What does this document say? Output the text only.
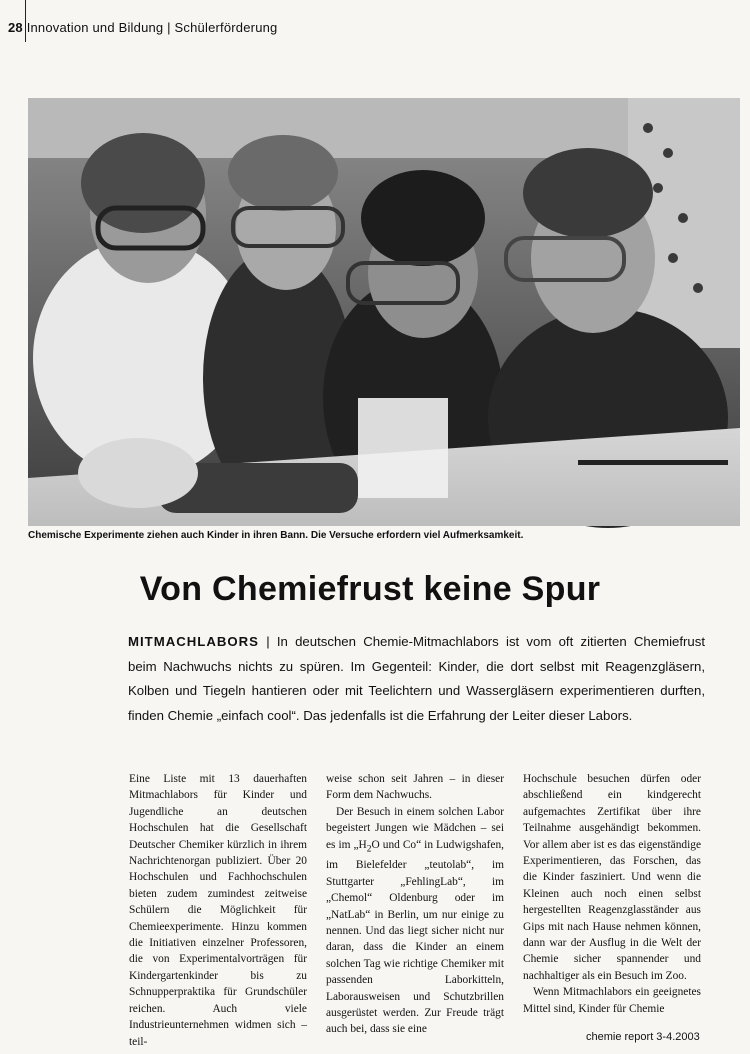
28 Innovation und Bildung | Schülerförderung
Chemische Experimente ziehen auch Kinder in ihren Bann. Die Versuche erfordern viel Aufmerksamkeit.
Von Chemiefrust keine Spur
MITMACHLABORS | In deutschen Chemie-Mitmachlabors ist vom oft zitierten Chemiefrust beim Nachwuchs nichts zu spüren. Im Gegenteil: Kinder, die dort selbst mit Reagenzgläsern, Kolben und Tiegeln hantieren oder mit Teelichtern und Wassergläsern experimentieren durften, finden Chemie „einfach cool“. Das jedenfalls ist die Erfahrung der Leiter dieser Labors.

Eine Liste mit 13 dauerhaften Mitmachlabors für Kinder und Jugendliche an deutschen Hochschulen hat die Gesellschaft Deutscher Chemiker kürzlich in ihrem Nachrichtenorgan publiziert. Über 20 Hochschulen und Fachhochschulen bieten zudem zumindest zeitweise Schülern die Möglichkeit für Chemieexperimente. Hinzu kommen die Initiativen einzelner Professoren, die von Experimentalvorträgen für Kindergartenkinder bis zu Schnupperpraktika für Grundschüler reichen. Auch viele Industrieunternehmen widmen sich – teil-

weise schon seit Jahren – in dieser Form dem Nachwuchs.

Der Besuch in einem solchen Labor begeistert Jungen wie Mädchen – sei es im $„H_2O$ und Co“ in Ludwigshafen, im Bielefelder „teutolab“, im Stuttgarter „FehlingLab“, im „Chemol“ Oldenburg oder im „NatLab“ in Berlin, um nur einige zu nennen. Und das liegt sicher nicht nur daran, dass die Kinder an einem solchen Tag wie richtige Chemiker mit passenden Laborkitteln, Laborausweisen und Schutzbrillen ausgerüstet werden. Zur Freude trägt auch bei, dass sie eine

Hochschule besuchen dürfen oder abschließend ein kindgerecht aufgemachtes Zertifikat über ihre Teilnahme ausgehändigt bekommen. Vor allem aber ist es das eigenständige Experimentieren, das Forschen, das die Kinder fasziniert. Und wenn die Kleinen auch noch einen selbst hergestellten Reagenzglasständer aus Gips mit nach Hause nehmen können, dann war der Ausflug in die Welt der Chemie sicher spannender und nachhaltiger als ein Besuch im Zoo.

Wenn Mitmachlabors ein geeignetes Mittel sind, Kinder für Chemie

chemie report 3-4.2003
